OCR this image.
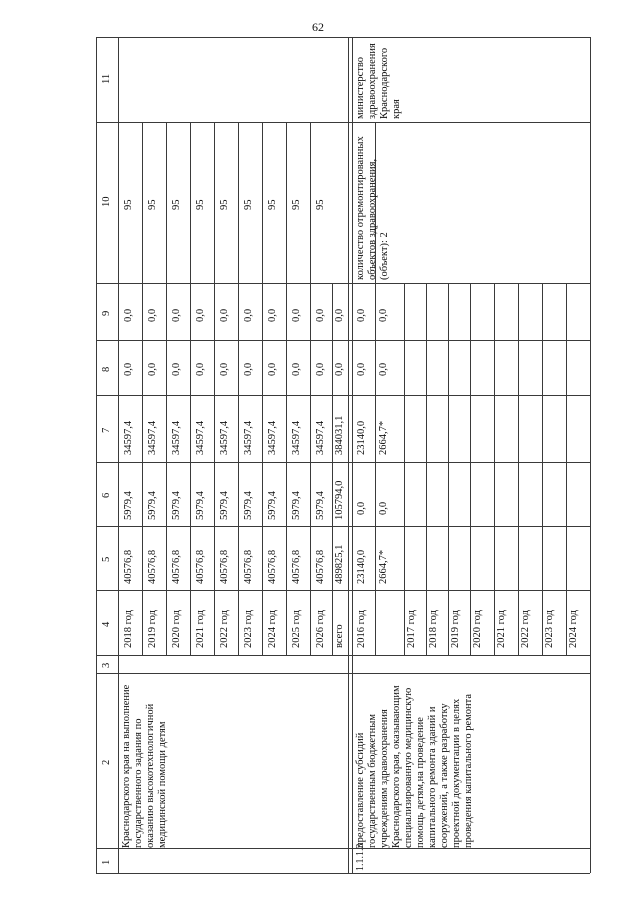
62
1
2
3
4
5
6
7
8
9
10
11
Краснодарского края на выполнение государственного задания по оказанию высокотехнологичной медицинской помощи детям
2018 год
40576,8
5979,4
34597,4
0,0
0,0
95
2019 год
40576,8
5979,4
34597,4
0,0
0,0
95
2020 год
40576,8
5979,4
34597,4
0,0
0,0
95
2021 год
40576,8
5979,4
34597,4
0,0
0,0
95
2022 год
40576,8
5979,4
34597,4
0,0
0,0
95
2023 год
40576,8
5979,4
34597,4
0,0
0,0
95
2024 год
40576,8
5979,4
34597,4
0,0
0,0
95
2025 год
40576,8
5979,4
34597,4
0,0
0,0
95
2026 год
40576,8
5979,4
34597,4
0,0
0,0
95
всего
489825,1
105794,0
384031,1
0,0
0,0
1.1.1.3
предоставление субсидий государственным бюджетным учреждениям здравоохранения Краснодарского края, оказывающим специализированную медицинскую помощь детям,на проведение капитального ремонта зданий и сооружений, а также разработку проектной документации в целях проведения капитального ремонта
2016 год
23140,0
0,0
23140,0
0,0
0,0
2664,7*
0,0
2664,7*
0,0
0,0
количество отремонтированных объектов здравоохранения, (объект): 2
министерство здравоохранения Краснодарского края
2017 год 2018 год 2019 год 2020 год 2021 год 2022 год 2023 год 2024 год
